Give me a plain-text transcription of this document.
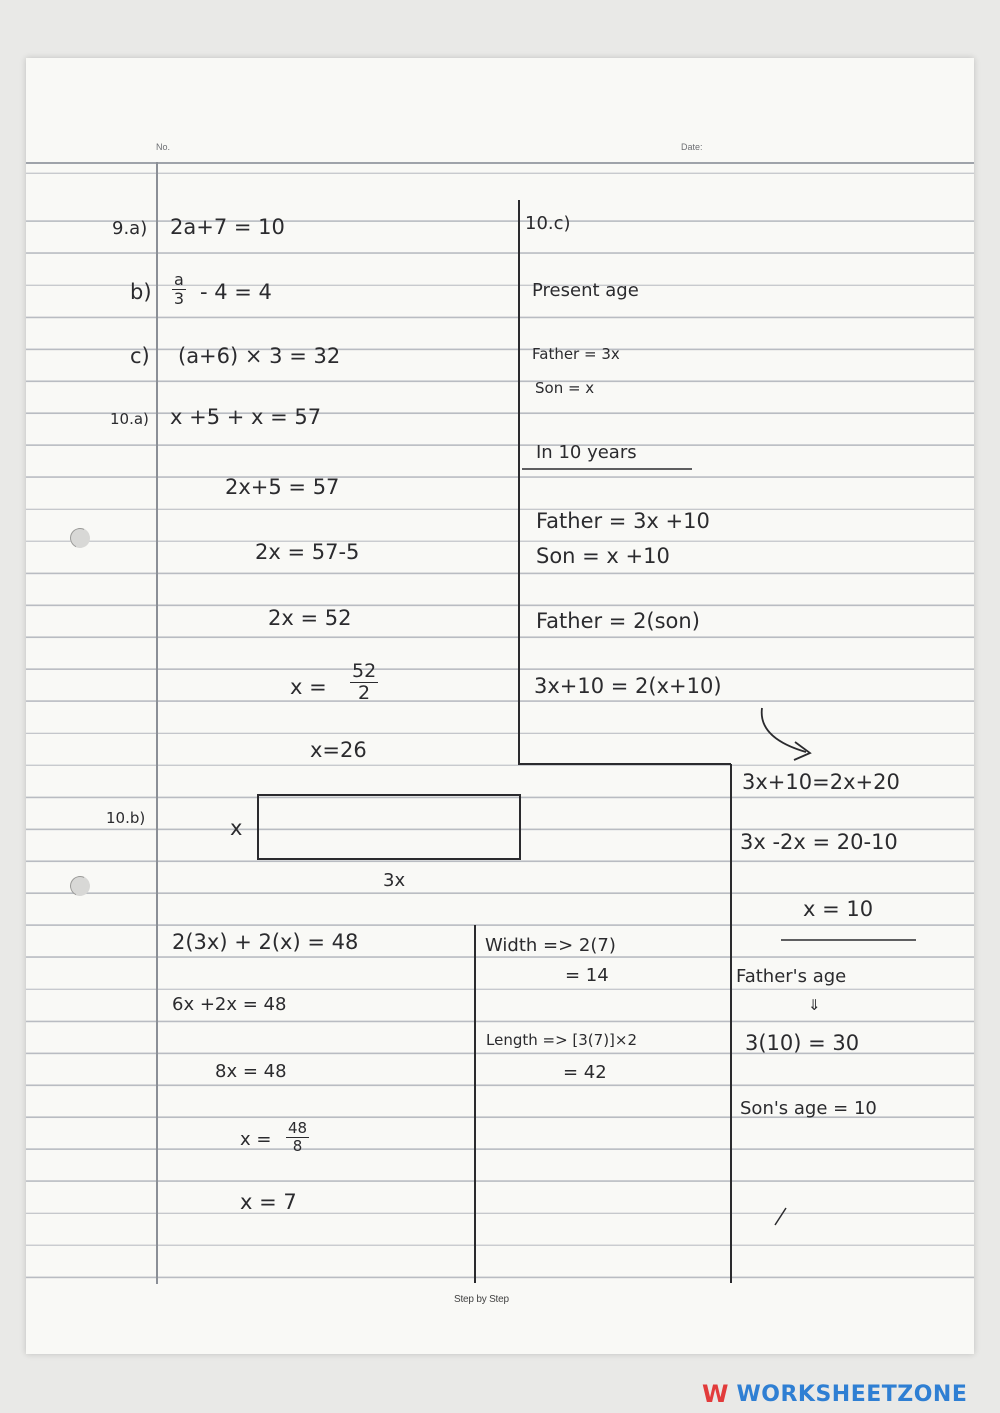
No.	Date:
Step by Step
9.a) 2a+7 = 10
$b) \frac{a}{3} - 4 = 4$
c) (a+6) × 3 = 32
10.a) x +5 + x = 57
2x+5 = 57
2x = 57-5
2x = 52
$x = \frac{52}{2}$
x=26
10.b)	x
3x
2(3x) + 2(x) = 48
6x +2x = 48
8x = 48
$x = \frac{48}{8}$
x = 7
Width => 2(7)
= 14
Length => [3(7)]×2
= 42
10.c)
Present age
Father = 3x
Son = x
In 10 years
Father = 3x +10
Son = x +10
Father = 2(son)
3x+10 = 2(x+10)
3x+10=2x+20
3x -2x = 20-10
x = 10
Father's age
⇓
3(10) = 30
Son's age = 10
W WORKSHEETZONE
